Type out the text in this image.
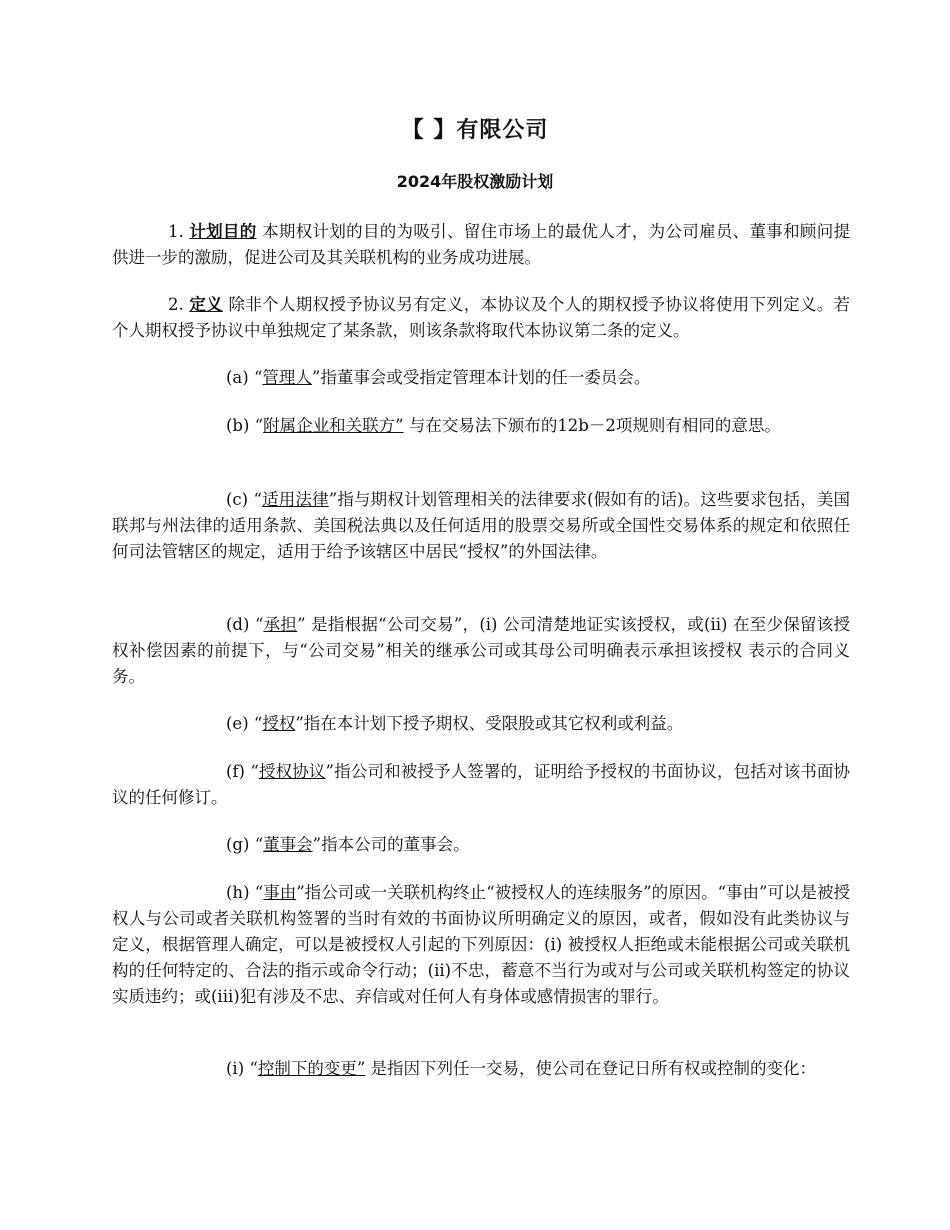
【 】有限公司
2024年股权激励计划

1. 计划目的 本期权计划的目的为吸引、留住市场上的最优人才，为公司雇员、董事和顾问提供进一步的激励，促进公司及其关联机构的业务成功进展。

2. 定义 除非个人期权授予协议另有定义，本协议及个人的期权授予协议将使用下列定义。若个人期权授予协议中单独规定了某条款，则该条款将取代本协议第二条的定义。

(a) “管理人”指董事会或受指定管理本计划的任一委员会。

(b) “附属企业和关联方” 与在交易法下颁布的12b－2项规则有相同的意思。

(c) “适用法律”指与期权计划管理相关的法律要求(假如有的话)。这些要求包括，美国联邦与州法律的适用条款、美国税法典以及任何适用的股票交易所或全国性交易体系的规定和依照任何司法管辖区的规定，适用于给予该辖区中居民“授权”的外国法律。

(d) “承担” 是指根据“公司交易”，(i) 公司清楚地证实该授权，或(ii) 在至少保留该授权补偿因素的前提下，与“公司交易”相关的继承公司或其母公司明确表示承担该授权 表示的合同义务。

(e) “授权”指在本计划下授予期权、受限股或其它权利或利益。

(f) “授权协议”指公司和被授予人签署的，证明给予授权的书面协议，包括对该书面协议的任何修订。

(g) “董事会”指本公司的董事会。

(h) “事由”指公司或一关联机构终止“被授权人的连续服务”的原因。“事由”可以是被授权人与公司或者关联机构签署的当时有效的书面协议所明确定义的原因，或者，假如没有此类协议与定义，根据管理人确定，可以是被授权人引起的下列原因：(i) 被授权人拒绝或未能根据公司或关联机构的任何特定的、合法的指示或命令行动；(ii)不忠，蓄意不当行为或对与公司或关联机构签定的协议实质违约；或(iii)犯有涉及不忠、弃信或对任何人有身体或感情损害的罪行。

(i) “控制下的变更” 是指因下列任一交易，使公司在登记日所有权或控制的变化：
